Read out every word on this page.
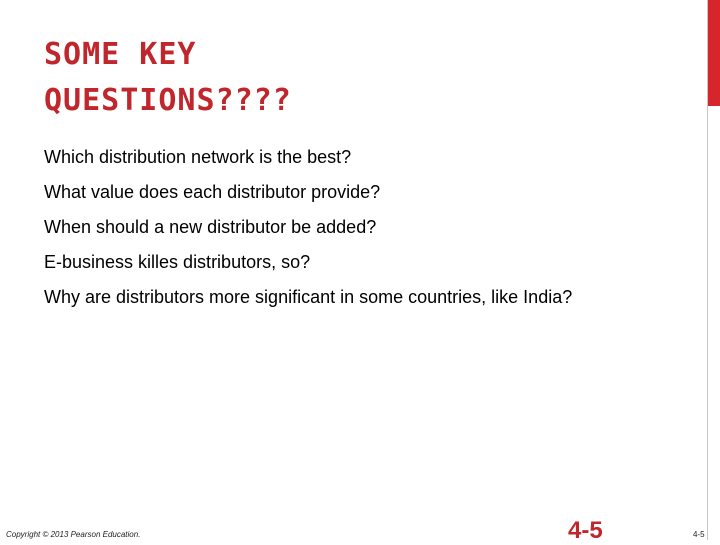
SOME KEY
QUESTIONS????
Which distribution network is the best?
What value does each distributor provide?
When should a new distributor be added?
E-business killes distributors, so?
Why are distributors more significant in some countries, like India?
Copyright © 2013 Pearson Education.	4-5	4-5
